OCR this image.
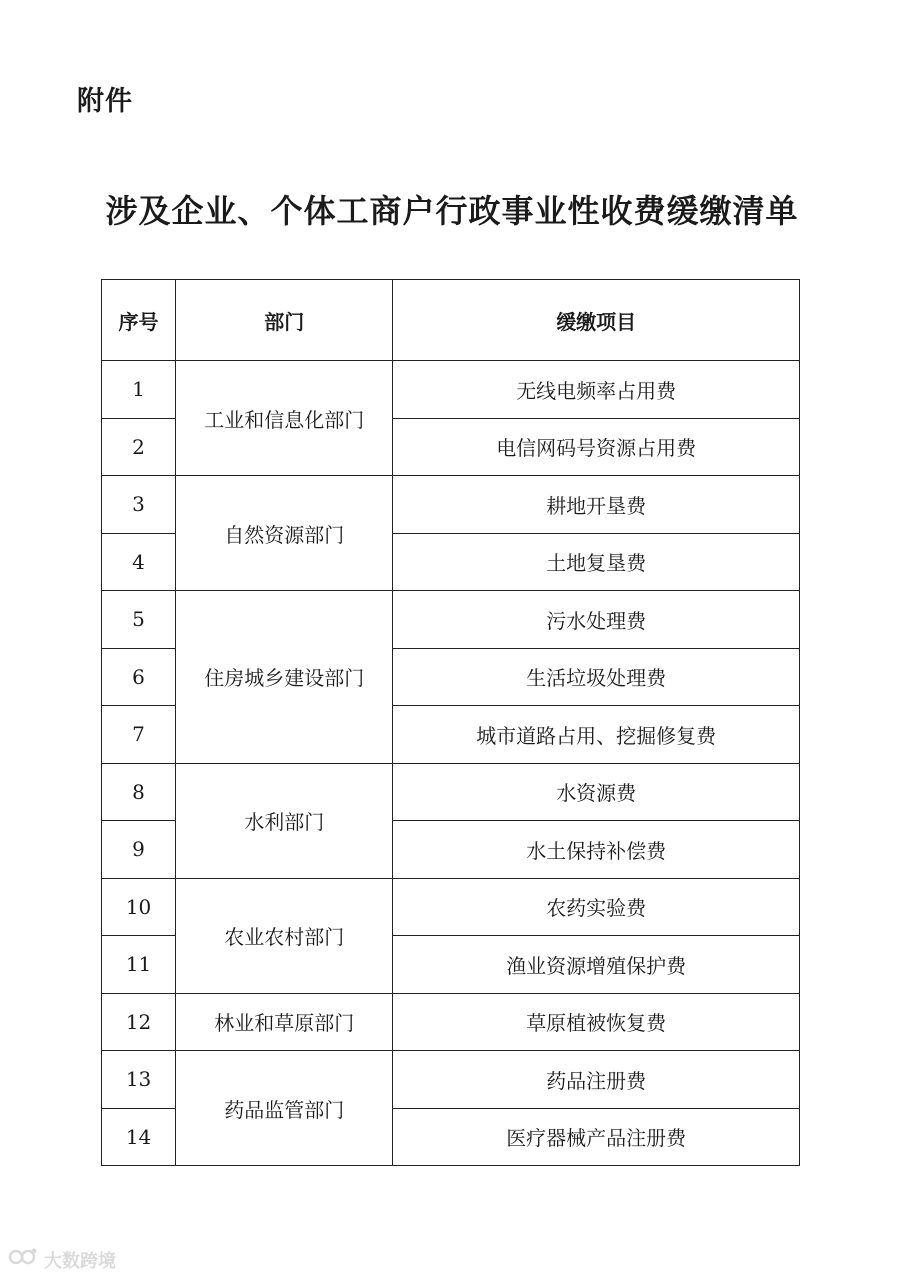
附件
涉及企业、个体工商户行政事业性收费缓缴清单
序号	部门	缓缴项目
1	工业和信息化部门	无线电频率占用费
2		电信网码号资源占用费
3	自然资源部门	耕地开垦费
4		土地复垦费
5	住房城乡建设部门	污水处理费
6		生活垃圾处理费
7		城市道路占用、挖掘修复费
8	水利部门	水资源费
9		水土保持补偿费
10	农业农村部门	农药实验费
11		渔业资源增殖保护费
12	林业和草原部门	草原植被恢复费
13	药品监管部门	药品注册费
14		医疗器械产品注册费
大数跨境
